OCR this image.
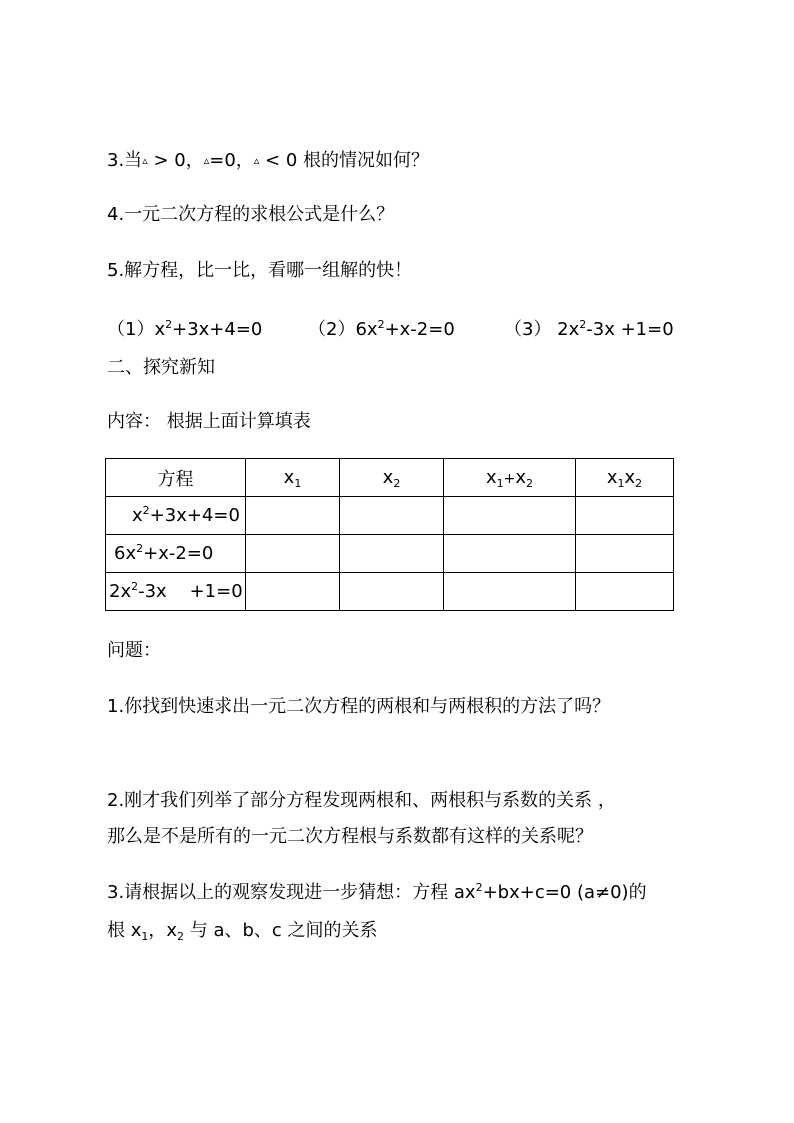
3.当▵ > 0，▵=0，▵ < 0 根的情况如何？
4.一元二次方程的求根公式是什么？
5.解方程，比一比，看哪一组解的快！
$(1)x^2+3x+4=0$	$(2)6x^2+x-2=0$	（3） $2x^2-3x +1=0$
二、探究新知
内容： 根据上面计算填表
方程	$x_1$	$x_2$	$x_1+x_2$	$x_1x_2$
$x^2+3x+4=0$				
$6x^2+x-2=0$				
$2x^2-3x$    +1=0				
问题：
1.你找到快速求出一元二次方程的两根和与两根积的方法了吗？
2.刚才我们列举了部分方程发现两根和、两根积与系数的关系 ，
那么是不是所有的一元二次方程根与系数都有这样的关系呢？
3.请根据以上的观察发现进一步猜想：方程 $ax^2+bx+c=0$ (a≠0)的
根 $x_1$，$x_2$ 与 a、b、c 之间的关系
